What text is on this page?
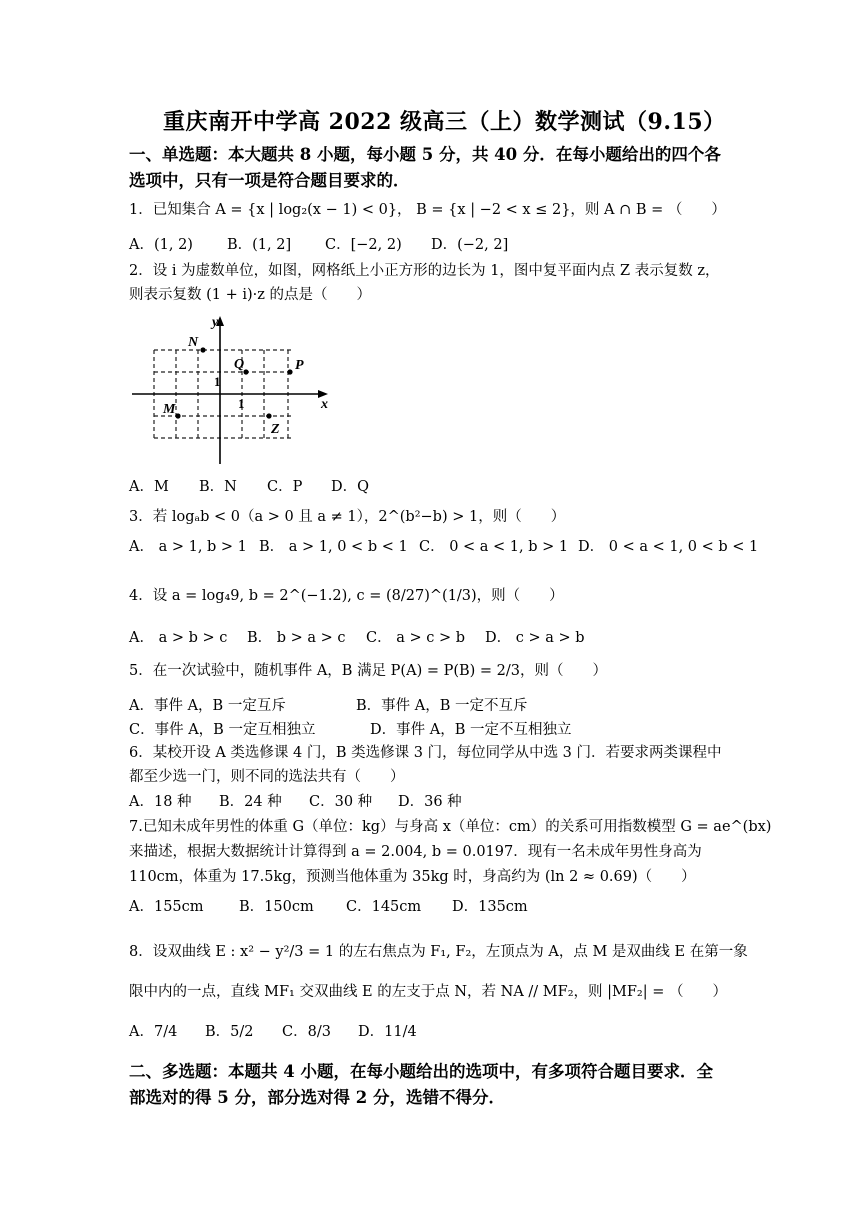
重庆南开中学高 2022 级高三（上）数学测试（9.15）
一、单选题：本大题共 8 小题，每小题 5 分，共 40 分．在每小题给出的四个各
选项中，只有一项是符合题目要求的．
1．已知集合 A = {x | log₂(x − 1) < 0}， B = {x | −2 < x ≤ 2}，则 A ∩ B = （　　）
A．(1, 2) B．(1, 2] C．[−2, 2) D．(−2, 2]
2．设 i 为虚数单位，如图，网格纸上小正方形的边长为 1，图中复平面内点 Z 表示复数 z，
则表示复数 (1 + i)·z 的点是（　　）
x
y
1
1
N
Q	P
M
Z
A．M B．N C．P D．Q
3．若 logₐb < 0（a > 0 且 a ≠ 1），2^(b²−b) > 1，则（　　）
A． a > 1, b > 1 B． a > 1, 0 < b < 1 C． 0 < a < 1, b > 1 D． 0 < a < 1, 0 < b < 1
4．设 a = log₄9, b = 2^(−1.2), c = (8/27)^(1/3)，则（　　）
A． a > b > c B． b > a > c C． a > c > b D． c > a > b
5．在一次试验中，随机事件 A，B 满足 P(A) = P(B) = 2/3，则（　　）
A．事件 A，B 一定互斥	B．事件 A，B 一定不互斥
C．事件 A，B 一定互相独立	D．事件 A，B 一定不互相独立
6．某校开设 A 类选修课 4 门，B 类选修课 3 门，每位同学从中选 3 门．若要求两类课程中
都至少选一门，则不同的选法共有（　　）
A．18 种 B．24 种 C．30 种 D．36 种
7.已知未成年男性的体重 G（单位：kg）与身高 x（单位：cm）的关系可用指数模型 G = ae^(bx)
来描述，根据大数据统计计算得到 a = 2.004, b = 0.0197．现有一名未成年男性身高为
110cm，体重为 17.5kg，预测当他体重为 35kg 时，身高约为 (ln 2 ≈ 0.69)（　　）
A．155cm B．150cm C．145cm D．135cm
8．设双曲线 E : x² − y²/3 = 1 的左右焦点为 F₁, F₂，左顶点为 A，点 M 是双曲线 E 在第一象
限中内的一点，直线 MF₁ 交双曲线 E 的左支于点 N，若 NA // MF₂，则 |MF₂| = （　　）
A．7/4 B．5/2 C．8/3 D．11/4
二、多选题：本题共 4 小题，在每小题给出的选项中，有多项符合题目要求．全
部选对的得 5 分，部分选对得 2 分，选错不得分．
